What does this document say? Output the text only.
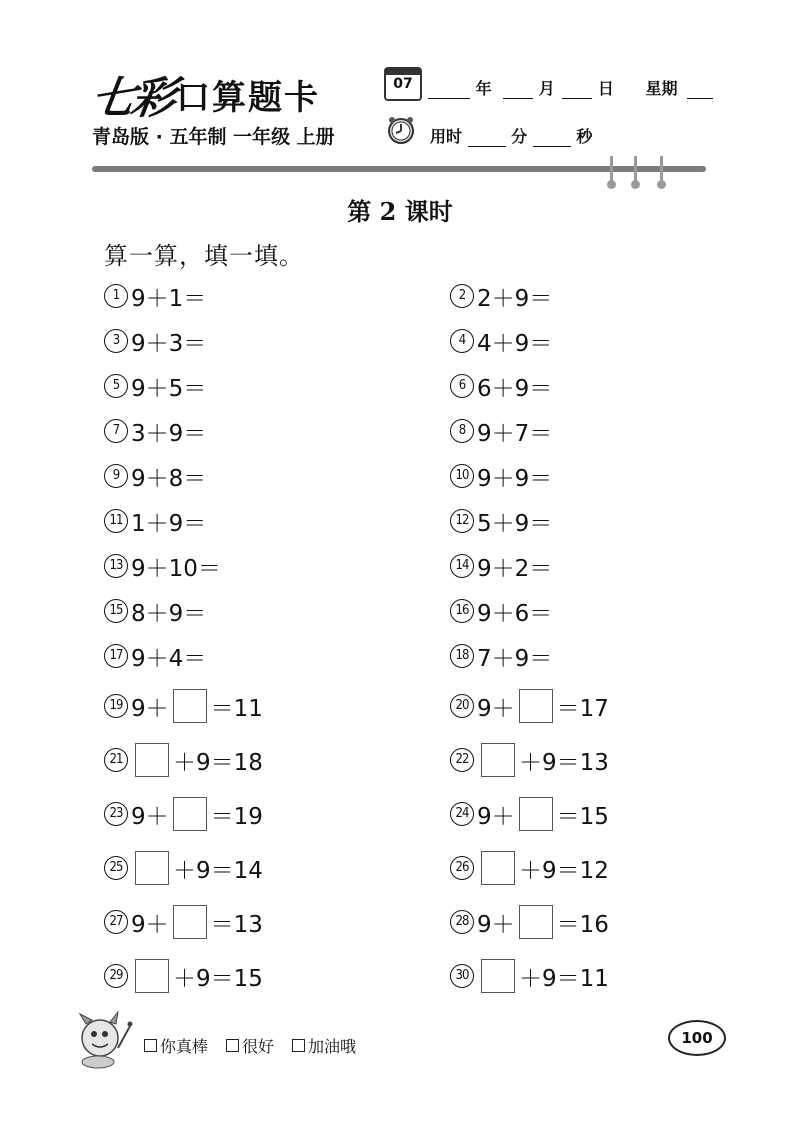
七彩 口算题卡	07	年	月	日 星期
青岛版 · 五年制 一年级 上册	用时	分	秒
第 2 课时
算一算，填一填。
1 9＋1＝	2 2＋9＝
3 9＋3＝	4 4＋9＝
5 9＋5＝	6 6＋9＝
7 3＋9＝	8 9＋7＝
9 9＋8＝	10 9＋9＝
11 1＋9＝	12 5＋9＝
13 9＋10＝	14 9＋2＝
15 8＋9＝	16 9＋6＝
17 9＋4＝	18 7＋9＝
19 9＋ ＝11	20 9＋ ＝17
21 ＋9＝18	22 ＋9＝13
23 9＋ ＝19	24 9＋ ＝15
25 ＋9＝14	26 ＋9＝12
27 9＋ ＝13	28 9＋ ＝16
29 ＋9＝15	30 ＋9＝11
你真棒 很好 加油哦	100
